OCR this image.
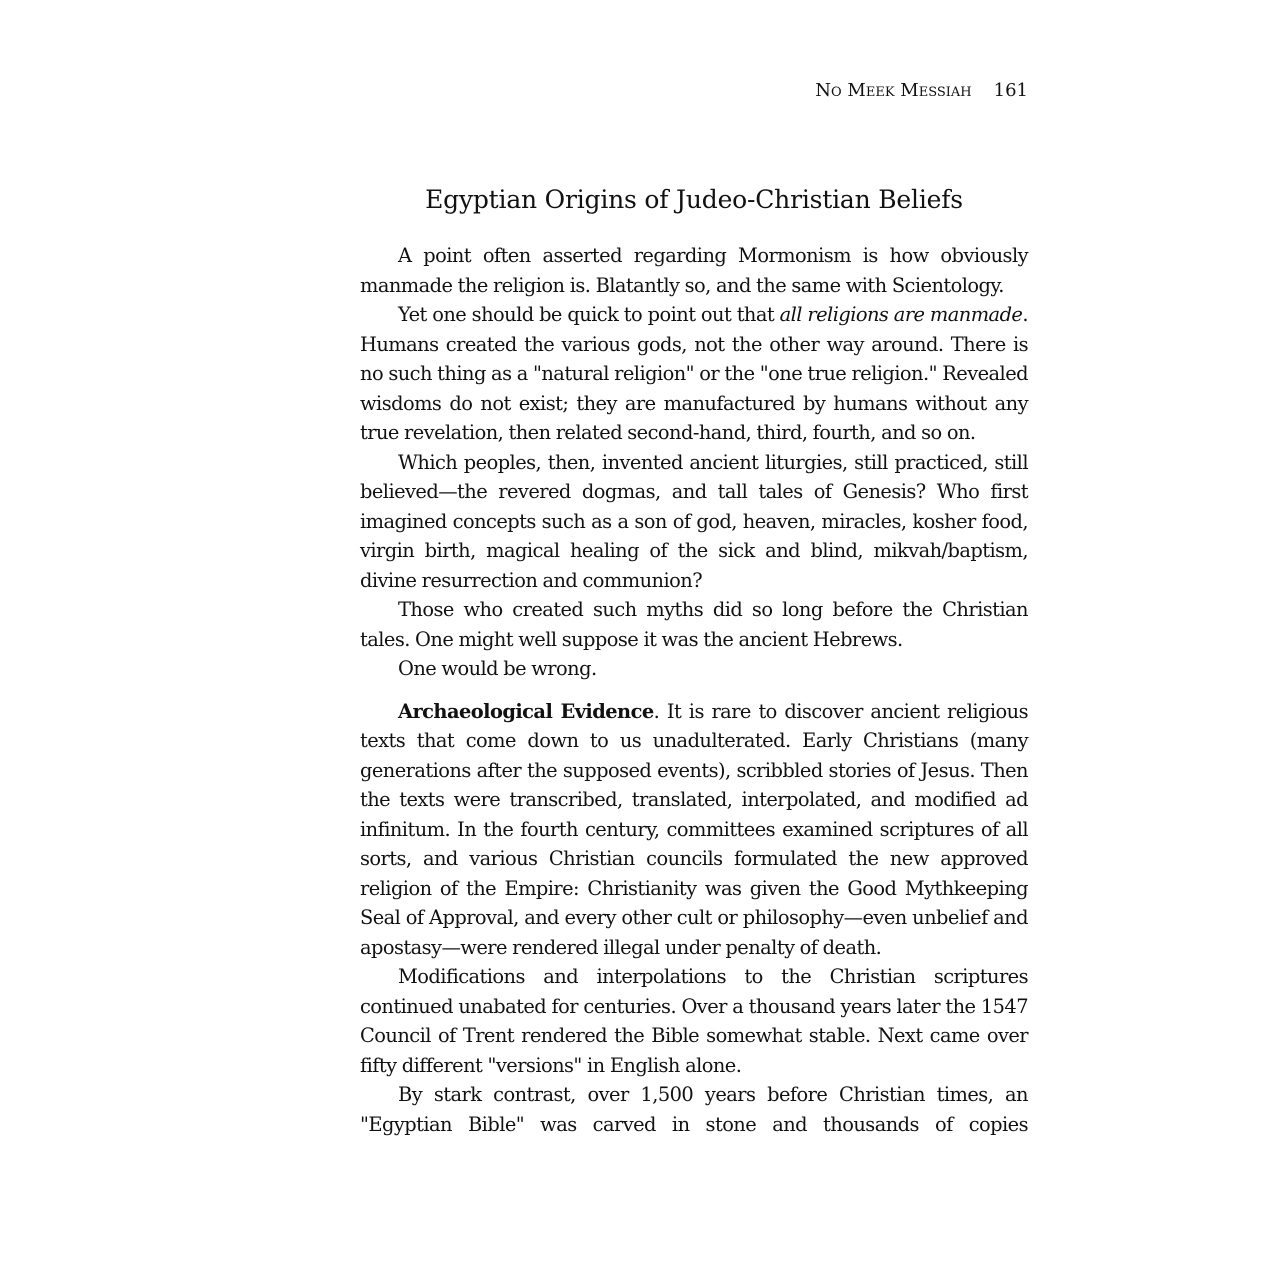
No Meek Messiah 161
Egyptian Origins of Judeo-Christian Beliefs

A point often asserted regarding Mormonism is how obviously manmade the religion is. Blatantly so, and the same with Scientology.

Yet one should be quick to point out that all religions are manmade. Humans created the various gods, not the other way around. There is no such thing as a "natural religion" or the "one true religion." Revealed wisdoms do not exist; they are manufactured by humans without any true revelation, then related second-hand, third, fourth, and so on.

Which peoples, then, invented ancient liturgies, still practiced, still believed—the revered dogmas, and tall tales of Genesis? Who first imagined concepts such as a son of god, heaven, miracles, kosher food, virgin birth, magical healing of the sick and blind, mikvah/baptism, divine resurrection and communion?

Those who created such myths did so long before the Christian tales. One might well suppose it was the ancient Hebrews.

One would be wrong.

Archaeological Evidence. It is rare to discover ancient religious texts that come down to us unadulterated. Early Christians (many generations after the supposed events), scribbled stories of Jesus. Then the texts were transcribed, translated, interpolated, and modified ad infinitum. In the fourth century, committees examined scriptures of all sorts, and various Christian councils formulated the new approved religion of the Empire: Christianity was given the Good Mythkeeping Seal of Approval, and every other cult or philosophy—even unbelief and apostasy—were rendered illegal under penalty of death.

Modifications and interpolations to the Christian scriptures continued unabated for centuries. Over a thousand years later the 1547 Council of Trent rendered the Bible somewhat stable. Next came over fifty different "versions" in English alone.

By stark contrast, over 1,500 years before Christian times, an "Egyptian Bible" was carved in stone and thousands of copies
